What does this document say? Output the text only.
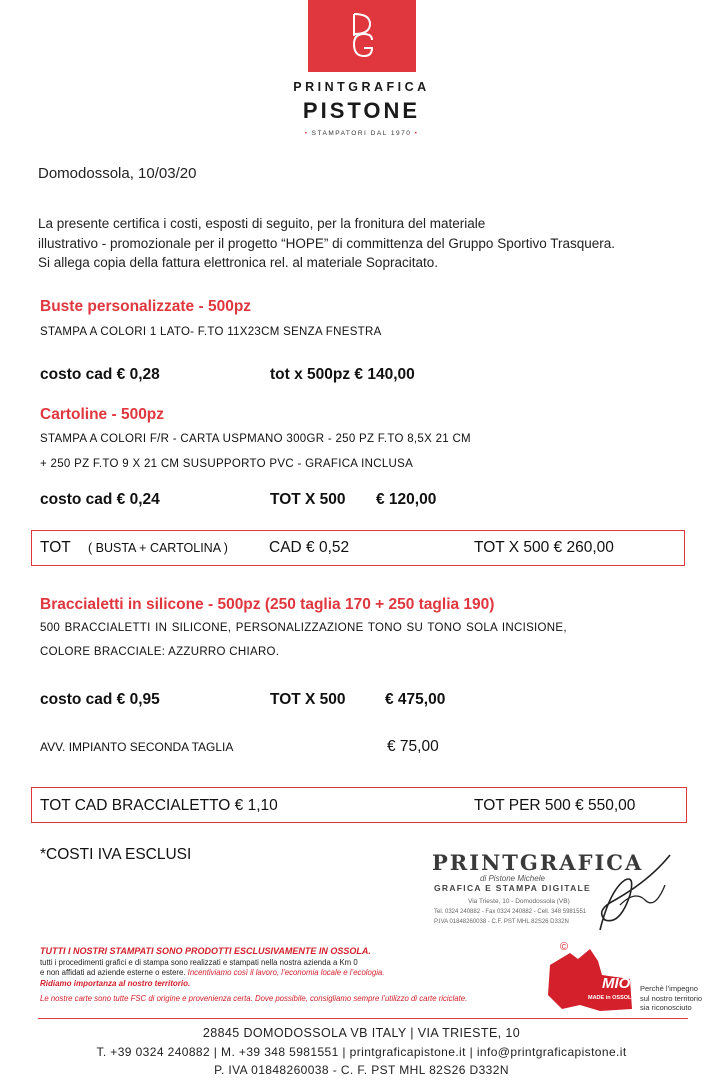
PRINTGRAFICA
PISTONE
• STAMPATORI DAL 1970 •
Domodossola, 10/03/20
La presente certifica i costi, esposti di seguito, per la fronitura del materiale
illustrativo - promozionale per il progetto “HOPE” di committenza del Gruppo Sportivo Trasquera.
Si allega copia della fattura elettronica rel. al materiale Sopracitato.
Buste personalizzate - 500pz
STAMPA A COLORI 1 LATO- F.TO 11X23CM SENZA FNESTRA
costo cad € 0,28	tot x 500pz € 140,00
Cartoline - 500pz
STAMPA A COLORI F/R - CARTA USPMANO 300GR - 250 PZ F.TO 8,5X 21 CM
+ 250 PZ F.TO 9 X 21 CM SUSUPPORTO PVC - GRAFICA INCLUSA
costo cad € 0,24	TOT X 500 € 120,00
TOT ( BUSTA + CARTOLINA )	CAD € 0,52	TOT X 500 € 260,00
Braccialetti in silicone - 500pz (250 taglia 170 + 250 taglia 190)
500 BRACCIALETTI IN SILICONE, PERSONALIZZAZIONE TONO SU TONO SOLA INCISIONE,
COLORE BRACCIALE: AZZURRO CHIARO.
costo cad € 0,95	TOT X 500	€ 475,00
AVV. IMPIANTO SECONDA TAGLIA	€ 75,00
TOT CAD BRACCIALETTO € 1,10	TOT PER 500 € 550,00
*COSTI IVA ESCLUSI	PRINTGRAFICA
di Pistone Michele
GRAFICA E STAMPA DIGITALE
Via Trieste, 10 - Domodossola (VB)
Tel. 0324 240882 - Fax 0324 240882 - Cell. 348 5981551
P.IVA 01848260038 - C.F. PST MHL 82S26 D332N
TUTTI I NOSTRI STAMPATI SONO PRODOTTI ESCLUSIVAMENTE IN OSSOLA.
tutti i procedimenti grafici e di stampa sono realizzati e stampati nella nostra azienda a Km 0
e non affidati ad aziende esterne o estere. Incentiviamo così il lavoro, l’economia locale e l’ecologia.
Ridiamo importanza al nostro territorio.
Le nostre carte sono tutte FSC di origine e provenienza certa. Dove possibile, consigliamo sempre l’utilizzo di carte riciclate.
©
MIO
MADE in OSSOLA
Perchè l’impegno
sul nostro territorio
sia riconosciuto
28845 DOMODOSSOLA VB ITALY | VIA TRIESTE, 10
T. +39 0324 240882 | M. +39 348 5981551 | printgraficapistone.it | info@printgraficapistone.it
P. IVA 01848260038 - C. F. PST MHL 82S26 D332N
